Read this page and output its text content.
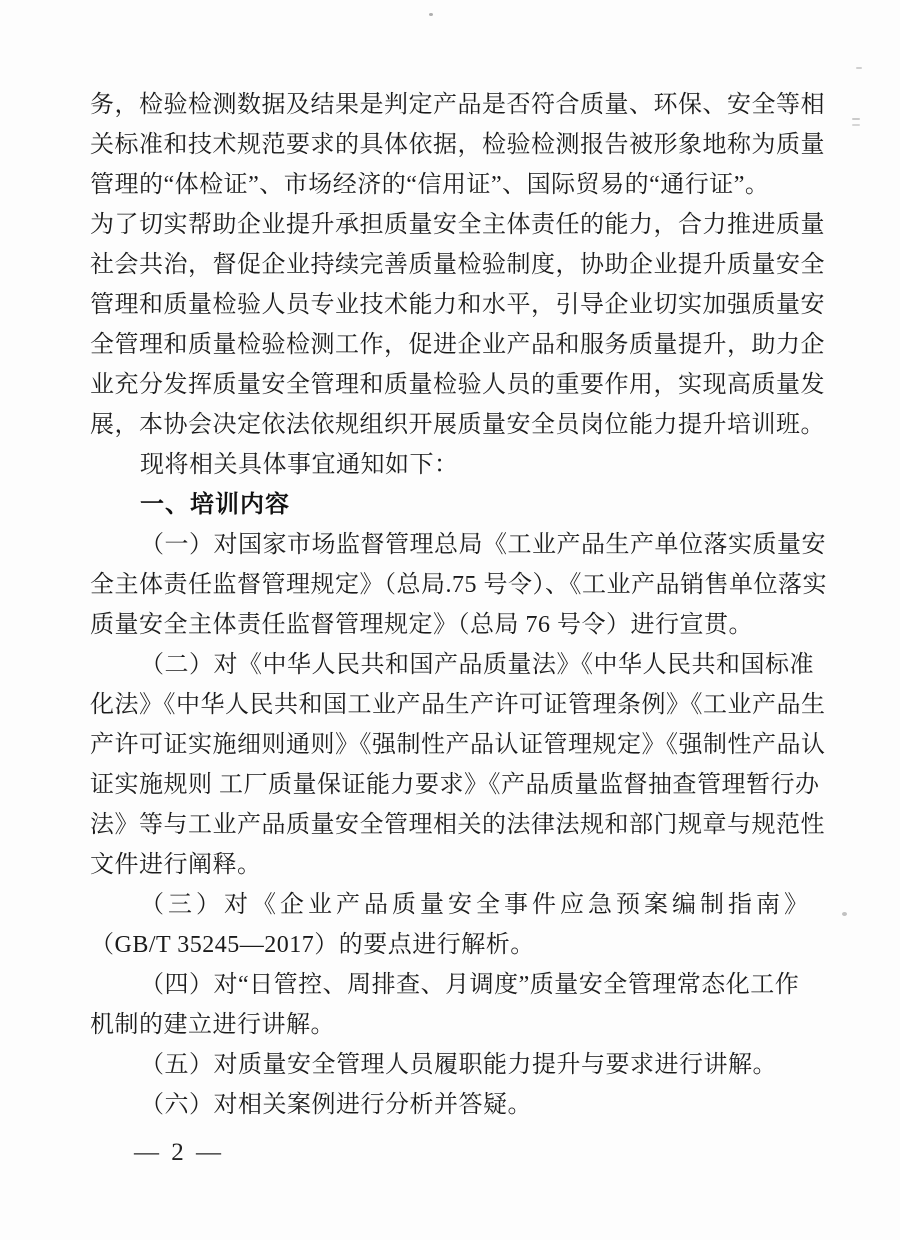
务，检验检测数据及结果是判定产品是否符合质量、环保、安全等相
关标准和技术规范要求的具体依据，检验检测报告被形象地称为质量
管理的“体检证”、市场经济的“信用证”、国际贸易的“通行证”。
为了切实帮助企业提升承担质量安全主体责任的能力，合力推进质量
社会共治，督促企业持续完善质量检验制度，协助企业提升质量安全
管理和质量检验人员专业技术能力和水平，引导企业切实加强质量安
全管理和质量检验检测工作，促进企业产品和服务质量提升，助力企
业充分发挥质量安全管理和质量检验人员的重要作用，实现高质量发
展，本协会决定依法依规组织开展质量安全员岗位能力提升培训班。
现将相关具体事宜通知如下：
一、培训内容
（一）对国家市场监督管理总局《工业产品生产单位落实质量安
全主体责任监督管理规定》（总局.75 号令）、《工业产品销售单位落实
质量安全主体责任监督管理规定》（总局 76 号令）进行宣贯。
（二）对《中华人民共和国产品质量法》《中华人民共和国标准
化法》《中华人民共和国工业产品生产许可证管理条例》《工业产品生
产许可证实施细则通则》《强制性产品认证管理规定》《强制性产品认
证实施规则 工厂质量保证能力要求》《产品质量监督抽查管理暂行办
法》等与工业产品质量安全管理相关的法律法规和部门规章与规范性
文件进行阐释。
（三）对《企业产品质量安全事件应急预案编制指南》
（GB/T 35245—2017）的要点进行解析。
（四）对“日管控、周排查、月调度”质量安全管理常态化工作
机制的建立进行讲解。
（五）对质量安全管理人员履职能力提升与要求进行讲解。
（六）对相关案例进行分析并答疑。
— 2 —
